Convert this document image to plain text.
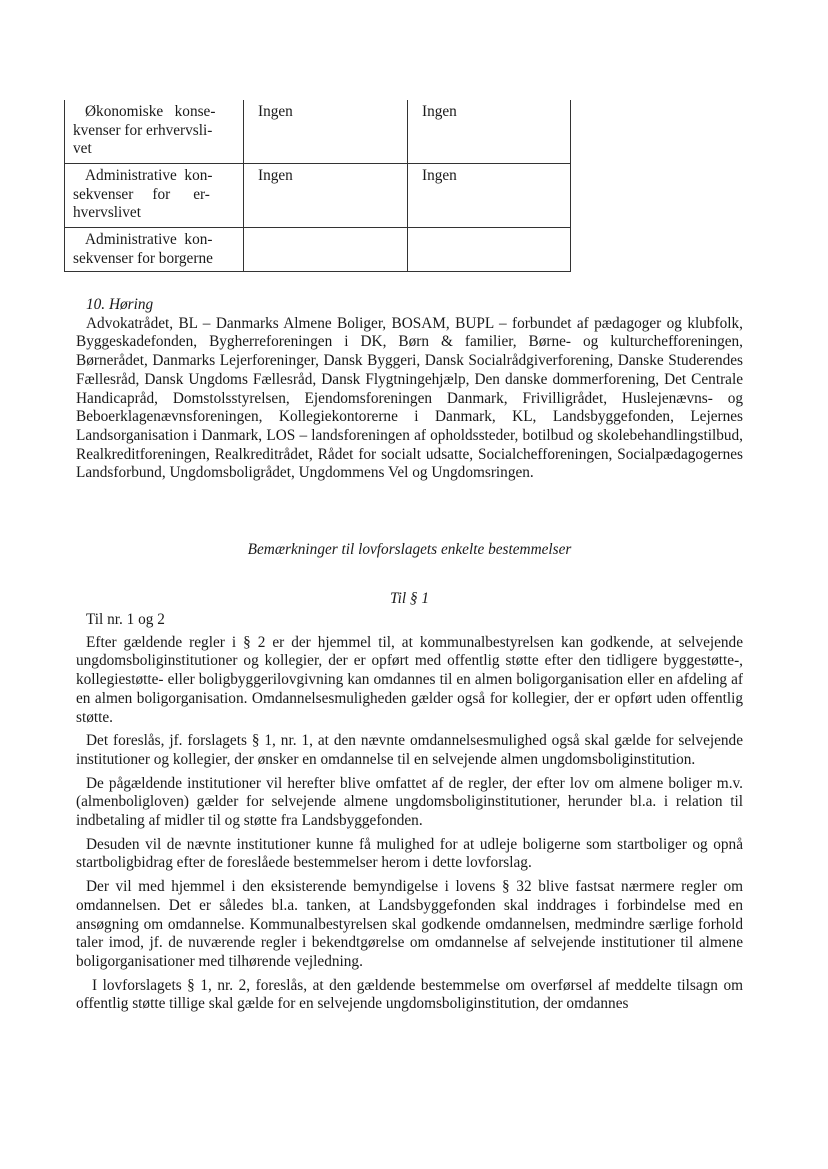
Økonomiske   konse-
kvenser for erhvervsli-
vet	Ingen	Ingen
Administrative  kon-
sekvenser     for      er-
hvervslivet	Ingen	Ingen
Administrative  kon-
sekvenser for borgerne		

10. Høring

Advokatrådet, BL – Danmarks Almene Boliger, BOSAM, BUPL – forbundet af pædagoger og klubfolk, Byggeskadefonden, Bygherreforeningen i DK, Børn & familier, Børne- og kulturchefforeningen, Børnerådet, Danmarks Lejerforeninger, Dansk Byggeri, Dansk Socialrådgiverforening, Danske Studerendes Fællesråd, Dansk Ungdoms Fællesråd, Dansk Flygtningehjælp, Den danske dommerforening, Det Centrale Handicapråd, Domstolsstyrelsen, Ejendomsforeningen Danmark, Frivilligrådet, Huslejenævns- og Beboerklagenævnsforeningen, Kollegiekontorerne i Danmark, KL, Landsbyggefonden, Lejernes Landsorganisation i Danmark, LOS – landsforeningen af opholdssteder, botilbud og skolebehandlingstilbud, Realkreditforeningen, Realkreditrådet, Rådet for socialt udsatte, Socialchefforeningen, Socialpædagogernes Landsforbund, Ungdomsboligrådet, Ungdommens Vel og Ungdomsringen.

Bemærkninger til lovforslagets enkelte bestemmelser

Til § 1

Til nr. 1 og 2

Efter gældende regler i § 2 er der hjemmel til, at kommunalbestyrelsen kan godkende, at selvejende ungdomsboliginstitutioner og kollegier, der er opført med offentlig støtte efter den tidligere byggestøtte-, kollegiestøtte- eller boligbyggerilovgivning kan omdannes til en almen boligorganisation eller en afdeling af en almen boligorganisation. Omdannelsesmuligheden gælder også for kollegier, der er opført uden offentlig støtte.

Det foreslås, jf. forslagets § 1, nr. 1, at den nævnte omdannelsesmulighed også skal gælde for selvejende institutioner og kollegier, der ønsker en omdannelse til en selvejende almen ungdomsboliginstitution.

De pågældende institutioner vil herefter blive omfattet af de regler, der efter lov om almene boliger m.v. (almenboligloven) gælder for selvejende almene ungdomsboliginstitutioner, herunder bl.a. i relation til indbetaling af midler til og støtte fra Landsbyggefonden.

Desuden vil de nævnte institutioner kunne få mulighed for at udleje boligerne som startboliger og opnå startboligbidrag efter de foreslåede bestemmelser herom i dette lovforslag.

Der vil med hjemmel i den eksisterende bemyndigelse i lovens § 32 blive fastsat nærmere regler om omdannelsen. Det er således bl.a. tanken, at Landsbyggefonden skal inddrages i forbindelse med en ansøgning om omdannelse. Kommunalbestyrelsen skal godkende omdannelsen, medmindre særlige forhold taler imod, jf. de nuværende regler i bekendtgørelse om omdannelse af selvejende institutioner til almene boligorganisationer med tilhørende vejledning.

I lovforslagets § 1, nr. 2, foreslås, at den gældende bestemmelse om overførsel af meddelte tilsagn om offentlig støtte tillige skal gælde for en selvejende ungdomsboliginstitution, der omdannes
